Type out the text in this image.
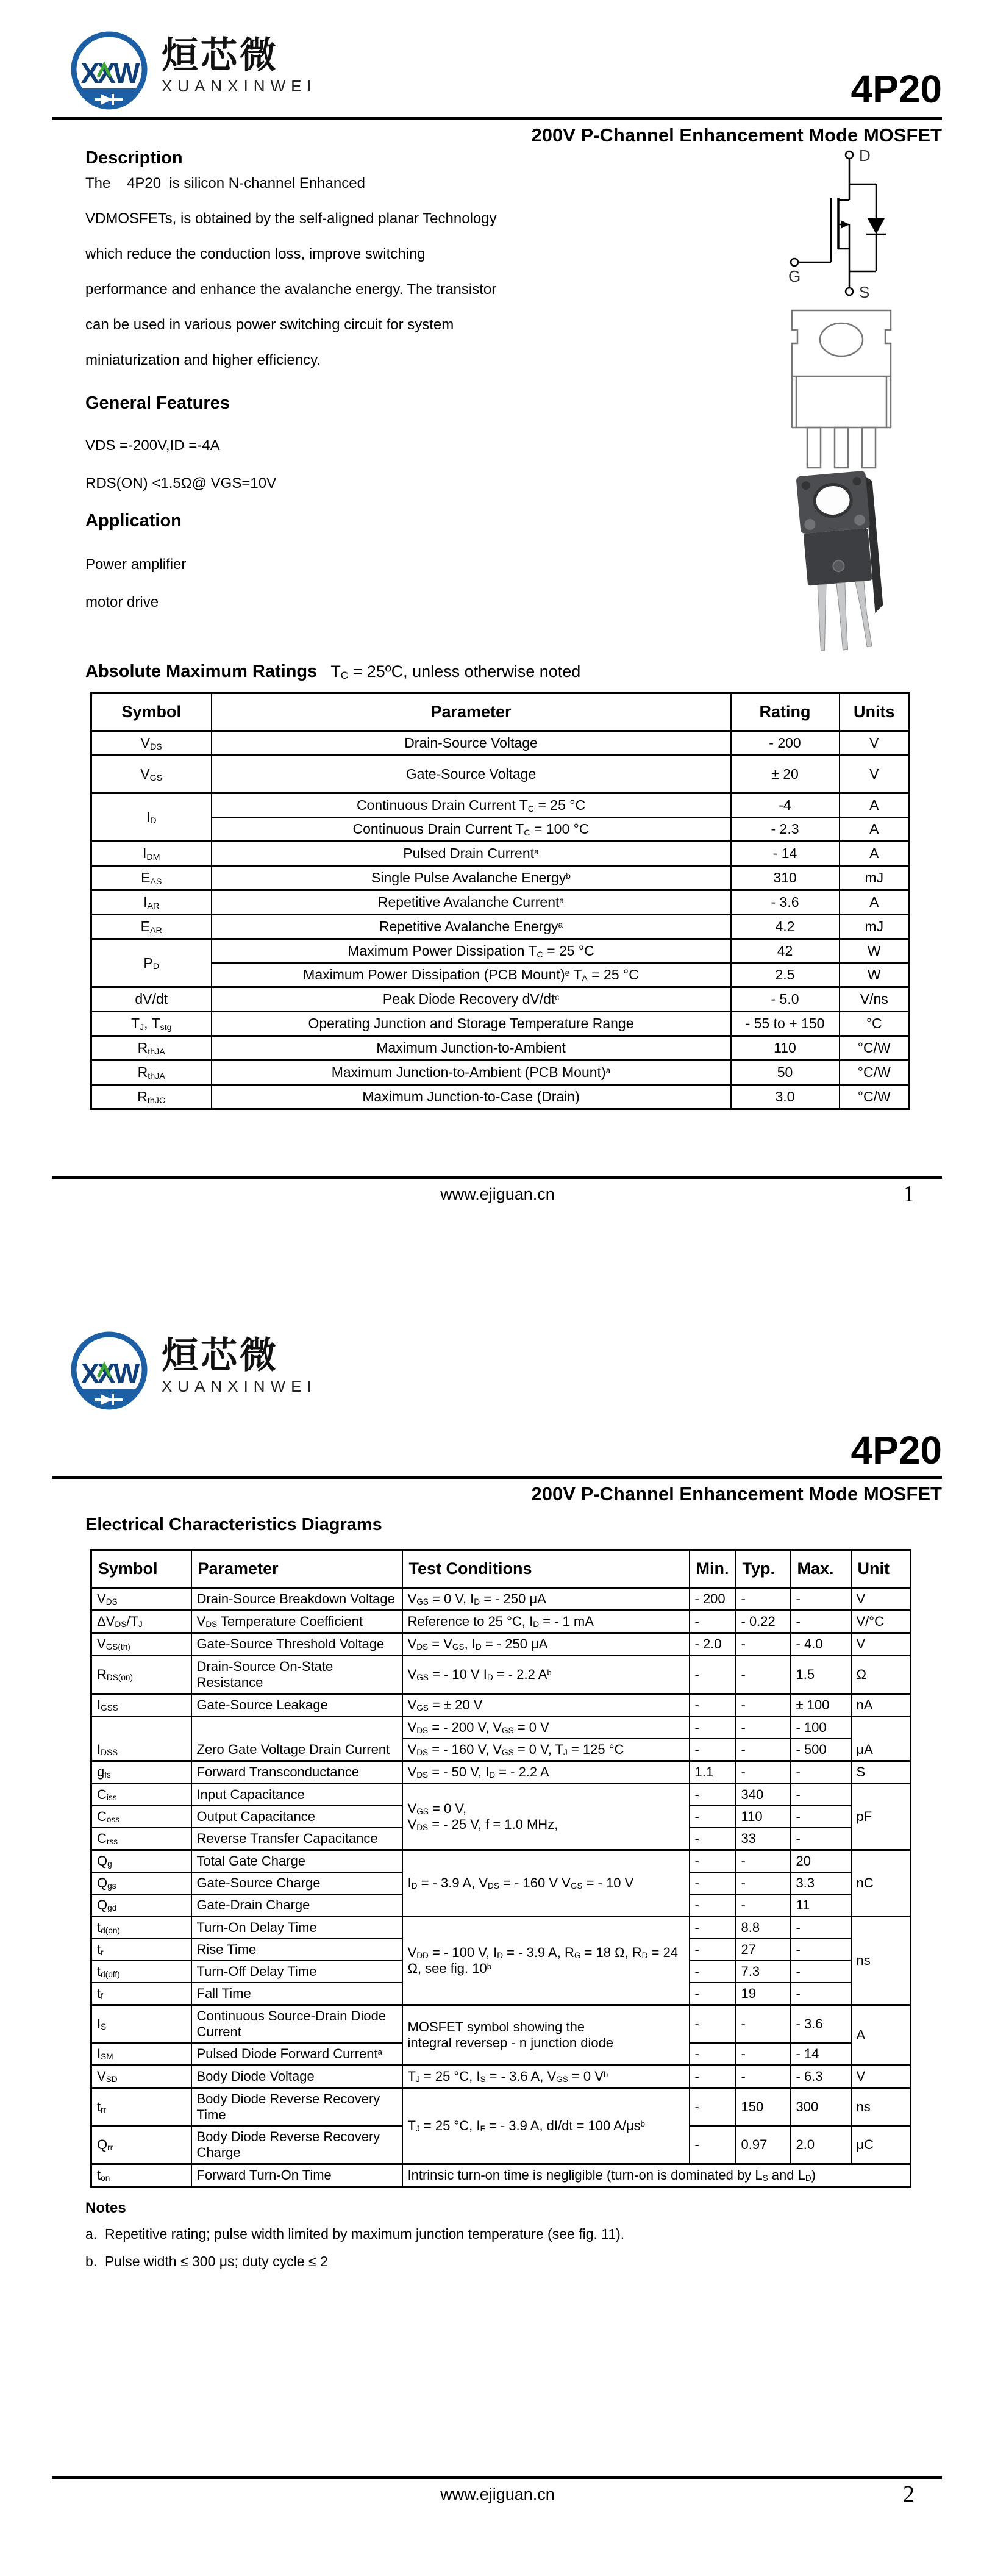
XXW 烜芯微
XUANXINWEI	4P20
200V P-Channel Enhancement Mode MOSFET
Description
The    4P20  is silicon N-channel Enhanced
VDMOSFETs, is obtained by the self-aligned planar Technology
which reduce the conduction loss, improve switching
performance and enhance the avalanche energy. The transistor
can be used in various power switching circuit for system
miniaturization and higher efficiency.
General Features
VDS =-200V,ID =-4A
RDS(ON) <1.5Ω@ VGS=10V
Application
Power amplifier
motor drive
D
G
S
Absolute Maximum Ratings $T_C$ = 25ºC, unless otherwise noted
Symbol	Parameter	Rating	Units
$V_{DS}$	Drain-Source Voltage	- 200	V
$V_{GS}$	Gate-Source Voltage	± 20	V
$I_D$	Continuous Drain Current $T_C = 25$ °C	-4	A
	Continuous Drain Current $T_C = 100$ °C	- 2.3	A
$I_{DM}$	Pulsed Drain Current$^a$	- 14	A
$E_{AS}$	Single Pulse Avalanche Energy$^b$	310	mJ
$I_{AR}$	Repetitive Avalanche Current$^a$	- 3.6	A
$E_{AR}$	Repetitive Avalanche Energy$^a$	4.2	mJ
$P_D$	Maximum Power Dissipation $T_C = 25$ °C	42	W
	Maximum Power Dissipation (PCB Mount)$^e$ $T_A = 25$ °C	2.5	W
dV/dt	Peak Diode Recovery $dV/dt^c$	- 5.0	V/ns
$T_J$, $T_{stg}$	Operating Junction and Storage Temperature Range	- 55 to + 150	°C
$R_{thJA}$	Maximum Junction-to-Ambient	110	°C/W
$R_{thJA}$	Maximum Junction-to-Ambient (PCB Mount)$^a$	50	°C/W
$R_{thJC}$	Maximum Junction-to-Case (Drain)	3.0	°C/W
www.ejiguan.cn	1
XXW 烜芯微
XUANXINWEI
4P20
200V P-Channel Enhancement Mode MOSFET
Electrical Characteristics Diagrams
Symbol	Parameter	Test Conditions	Min.	Typ.	Max.	Unit
$V_{DS}$	Drain-Source Breakdown Voltage	$V_{GS} = 0$ V, $I_D$ = - 250 μA	- 200	-	-	V
$\Delta V_{DS}/T_J$	$V_{DS}$ Temperature Coefficient	Reference to 25 °C, $I_D$ = - 1 mA	-	- 0.22	-	V/°C
$V_{GS(th)}$	Gate-Source Threshold Voltage	$V_{DS} = V_{GS}$, $I_D$ = - 250 μA	- 2.0	-	- 4.0	V
$R_{DS(on)}$	Drain-Source On-State
Resistance	$V_{GS}$ = - 10 V $I_D$ = - 2.2 $A^b$	-	-	1.5	Ω
$I_{GSS}$	Gate-Source Leakage	$V_{GS}$ = ± 20 V	-	-	± 100	nA
$I_{DSS}$	Zero Gate Voltage Drain Current	$V_{DS}$ = - 200 V, $V_{GS} = 0$ V	-	-	- 100	μA
		$V_{DS}$ = - 160 V, $V_{GS} = 0$ V, $T_J = 125$ °C	-	-	- 500	
$g_{fs}$	Forward Transconductance	$V_{DS}$ = - 50 V, $I_D$ = - 2.2 A	1.1	-	-	S
$C_{iss}$	Input Capacitance	$V_{GS} = 0$ V,
$V_{DS}$ = - 25 V, f = 1.0 MHz,	-	340	-	pF
$C_{oss}$	Output Capacitance		-	110	-	
$C_{rss}$	Reverse Transfer Capacitance		-	33	-	
$Q_g$	Total Gate Charge	$I_D$ = - 3.9 A, $V_{DS}$ = - 160 V $V_{GS}$ = - 10 V	-	-	20	nC
$Q_{gs}$	Gate-Source Charge		-	-	3.3	
$Q_{gd}$	Gate-Drain Charge		-	-	11	
$t_{d(on)}$	Turn-On Delay Time	$V_{DD}$ = - 100 V, $I_D$ = - 3.9 A, $R_G = 18$ Ω, $R_D = 24$ Ω, see fig. 10$^b$	-	8.8	-	ns
$t_r$	Rise Time		-	27	-	
$t_{d(off)}$	Turn-Off Delay Time		-	7.3	-	
$t_f$	Fall Time		-	19	-	
$I_S$	Continuous Source-Drain Diode
Current	MOSFET symbol showing the
integral reversep - n junction diode	-	-	- 3.6	A
$I_{SM}$	Pulsed Diode Forward Current$^a$		-	-	- 14	
$V_{SD}$	Body Diode Voltage	$T_J = 25$ °C, $I_S$ = - 3.6 A, $V_{GS} = 0$ $V^b$	-	-	- 6.3	V
$t_{rr}$	Body Diode Reverse Recovery
Time	$T_J = 25$ °C, $I_F$ = - 3.9 A, dI/dt = 100 $A/\mu s^b$	-	150	300	ns
$Q_{rr}$	Body Diode Reverse Recovery
Charge		-	0.97	2.0	μC
$t_{on}$	Forward Turn-On Time	Intrinsic turn-on time is negligible (turn-on is dominated by $L_S$ and $L_D$)				
Notes
a.  Repetitive rating; pulse width limited by maximum junction temperature (see fig. 11).
b.  Pulse width ≤ 300 μs; duty cycle ≤ 2
www.ejiguan.cn	2
